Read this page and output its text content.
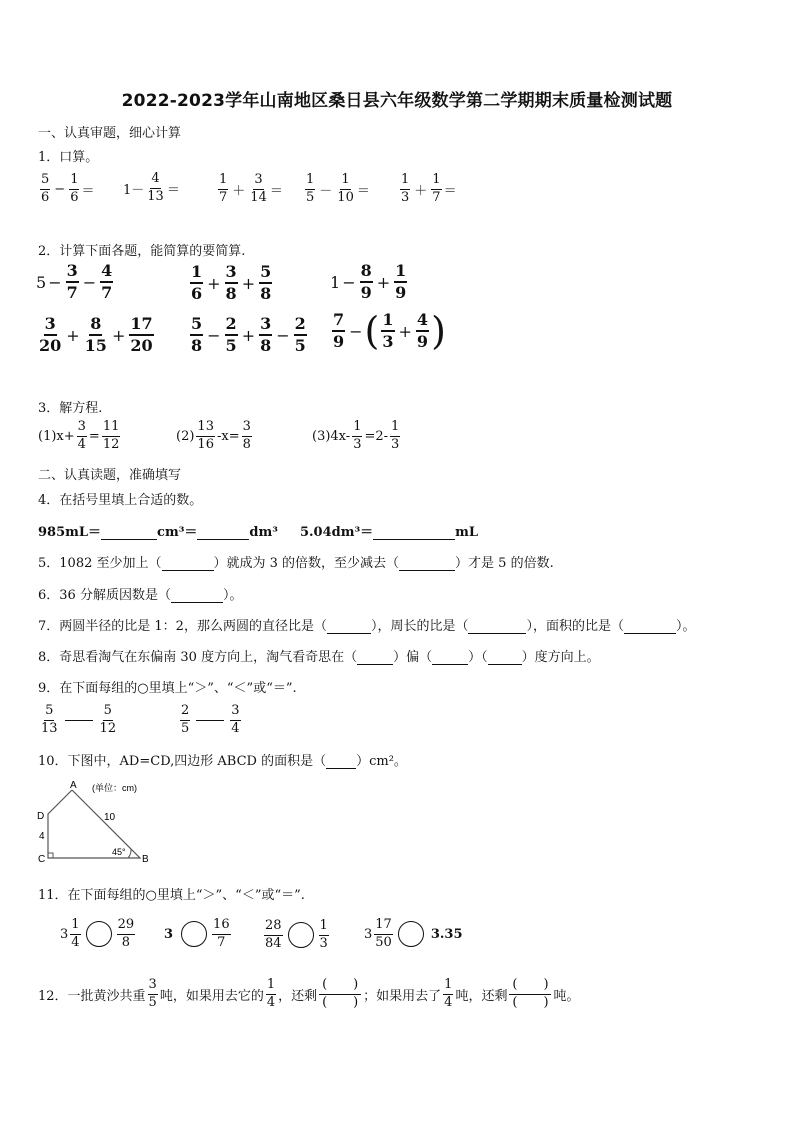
2022-2023学年山南地区桑日县六年级数学第二学期期末质量检测试题
一、认真审题，细心计算
1．口算。
$\frac{5}{6} - \frac{1}{6} = 1- \frac{4}{13}$ ＝	$\frac{1}{7} + \frac{3}{14} = \frac{1}{5} - \frac{1}{10} = \frac{1}{3} + \frac{1}{7}$ ＝
2．计算下面各题，能简算的要简算.
$5 - \frac{3}{7} - \frac{4}{7}$	$\frac{1}{6} + \frac{3}{8} + \frac{5}{8}$	$1 - \frac{8}{9} + \frac{1}{9}$
$\frac{3}{20} + \frac{8}{15} + \frac{17}{20} \frac{5}{8} - \frac{2}{5} + \frac{3}{8} - \frac{2}{5} \frac{7}{9}$ − ( $\frac{1}{3} + \frac{4}{9}$ )
3．解方程.
$(1)x+ \frac{3}{4} = \frac{11}{12}$	$(2) \frac{13}{16} -x= \frac{3}{8}$	$(3)4x- \frac{1}{3} =2- \frac{1}{3}$
二、认真读题，准确填写
4．在括号里填上合适的数。
985mL＝	cm³＝	dm³ 5.04dm³＝	mL
5．1082 至少加上（	）就成为 3 的倍数，至少减去（	）才是 5 的倍数.
6．36 分解质因数是（	）。
7．两圆半径的比是 1：2，那么两圆的直径比是（	），周长的比是（	），面积的比是（	）。
8．奇思看淘气在东偏南 30 度方向上，淘气看奇思在（	）偏（	）（	）度方向上。
9．在下面每组的○里填上“＞”、“＜”或“＝”.
$\frac{5}{13}$	$\frac{5}{12}$	$\frac{2}{5}$	$\frac{3}{4}$
10．下图中，AD=CD,四边形 ABCD 的面积是（ ）cm²。
A (单位：cm)
D
4
C	B
10
45°
11．在下面每组的○里填上“＞”、“＜”或“＝”.
$3 \frac{1}{4}$	$\frac{29}{8} 3$	$\frac{16}{7}$	$\frac{28}{84}$	$\frac{1}{3}$	$3 \frac{17}{50}$	3.35
12．一批黄沙共重 $\frac{3}{5}$ 吨，如果用去它的 $\frac{1}{4}$ ，还剩 $\frac{( )}{( )}$ ；如果用去了 $\frac{1}{4}$ 吨，还剩 $\frac{( )}{( )}$ 吨。
